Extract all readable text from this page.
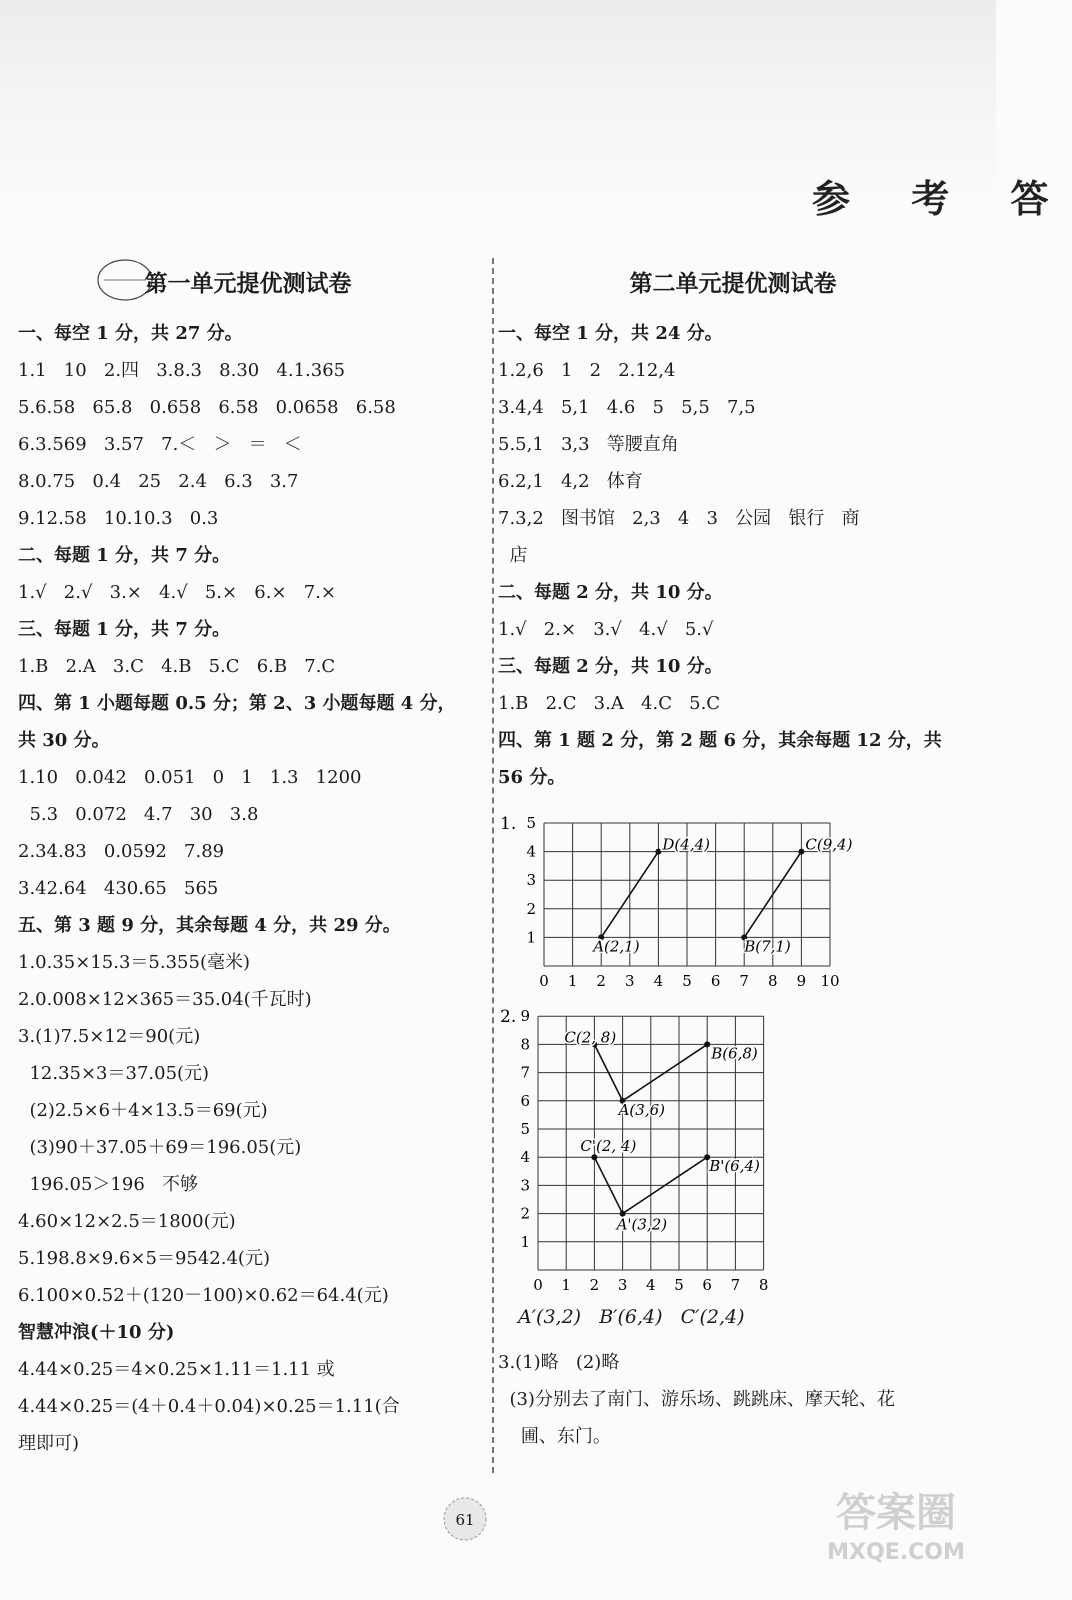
参 考 答
第一单元提优测试卷
一、每空 1 分，共 27 分。
1.1   10   2.四   3.8.3   8.30   4.1.365
5.6.58   65.8   0.658   6.58   0.0658   6.58
6.3.569   3.57   7.＜   ＞   ＝   ＜
8.0.75   0.4   25   2.4   6.3   3.7
9.12.58   10.10.3   0.3
二、每题 1 分，共 7 分。
1.√   2.√   3.×   4.√   5.×   6.×   7.×
三、每题 1 分，共 7 分。
1.B   2.A   3.C   4.B   5.C   6.B   7.C
四、第 1 小题每题 0.5 分；第 2、3 小题每题 4 分，
共 30 分。
1.10   0.042   0.051   0   1   1.3   1200
5.3   0.072   4.7   30   3.8
2.34.83   0.0592   7.89
3.42.64   430.65   565
五、第 3 题 9 分，其余每题 4 分，共 29 分。
1.0.35×15.3＝5.355(毫米)
2.0.008×12×365＝35.04(千瓦时)
3.(1)7.5×12＝90(元)
12.35×3＝37.05(元)
(2)2.5×6＋4×13.5＝69(元)
(3)90＋37.05＋69＝196.05(元)
196.05＞196   不够
4.60×12×2.5＝1800(元)
5.198.8×9.6×5＝9542.4(元)
6.100×0.52＋(120－100)×0.62＝64.4(元)
智慧冲浪(＋10 分)
4.44×0.25＝4×0.25×1.11＝1.11 或
4.44×0.25＝(4＋0.4＋0.04)×0.25＝1.11(合
理即可)
第二单元提优测试卷
一、每空 1 分，共 24 分。
1.2,6   1   2   2.12,4
3.4,4   5,1   4.6   5   5,5   7,5
5.5,1   3,3   等腰直角
6.2,1   4,2   体育
7.3,2   图书馆   2,3   4   3   公园   银行   商
店
二、每题 2 分，共 10 分。
1.√   2.×   3.√   4.√   5.√
三、每题 2 分，共 10 分。
1.B   2.C   3.A   4.C   5.C
四、第 1 题 2 分，第 2 题 6 分，其余每题 12 分，共
56 分。
1.
0 1 2 3 4 5 6 7 8 9 10
1
2
3
4
5
A(2,1)
D(4,4)
B(7,1)
C(9,4)
2.
0 1 2 3 4 5 6 7 8
1
2
3
4
5
6
7
8
9
C(2, 8)
B(6,8)
A(3,6)
C'(2, 4)
B'(6,4)
A'(3,2)
A′(3,2)   B′(6,4)   C′(2,4)
3.(1)略   (2)略
(3)分别去了南门、游乐场、跳跳床、摩天轮、花
圃、东门。
61	答案圈
MXQE.COM
